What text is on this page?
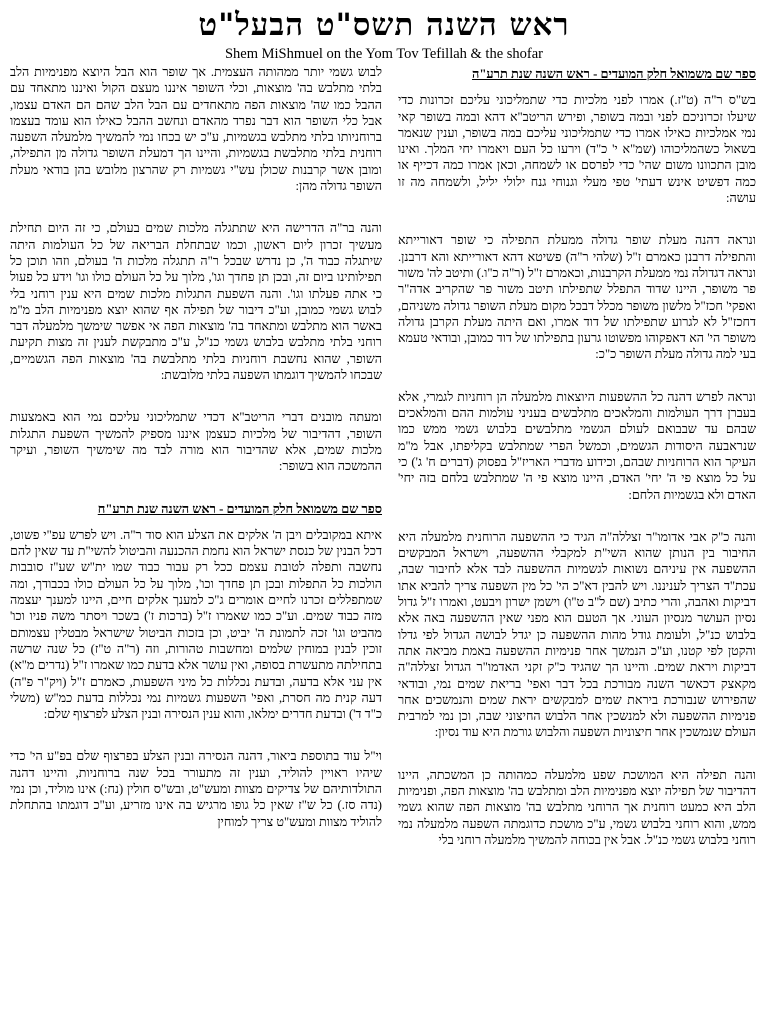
ראש השנה תשס"ט הבעל"ט
Shem MiShmuel on the Yom Tov Tefillah & the shofar
ספר שם משמואל חלק המועדים - ראש השנה שנת תרע"ה
בש"ס ר"ה (ט"ז.) אמרו לפני מלכיות כדי שתמליכוני עליכם זכרונות כדי שיעלו זכרוניכם לפני ובמה בשופר, ופירש הריטב"א דהא ובמה בשופר קאי נמי אמלכיות כאילו אמרו כדי שתמליכוני עליכם במה בשופר, וענין שנאמר בשאול כשהמליכוהו (שמ"א י' כ"ד) וירעו כל העם ויאמרו יחי המלך. ואינו מובן התכוונו משום שהי' כדי לפרסם או לשמחה, וכאן אמרו כמה דכייף או כמה דפשיט אינש דעתי' טפי מעלי וגנוחי גנח ילולי יליל, ולשמחה מה זו עושה:
ונראה דהנה מעלת שופר גדולה ממעלת התפילה כי שופר דאורייתא והתפילה דרבנן כאמרם ז"ל (שלהי ר"ה) פשיטא דהא דאורייתא והא דרבנן. ונראה דגדולה נמי ממעלת הקרבנות, וכאמרם ז"ל (ר"ה כ"ו.) ותיטב לה' משור פר משופר, היינו שדוד התפלל שתפילתו תיטב משור פר שהקריב אדה"ר ואפקי' חכז"ל מלשון משופר מכלל דבכל מקום מעלת השופר גדולה משניהם, דחכז"ל לא לגרוע שתפילתו של דוד אמרו, ואם היתה מעלת הקרבן גדולה משופר הי' הא דאפקוהו מפשוטו גרעון בתפילתו של דוד כמובן, ובודאי טעמא בעי למה גדולה מעלת השופר כ"כ:
ונראה לפרש דהנה כל ההשפעות היוצאות מלמעלה הן רוחניות לגמרי, אלא בעברן דרך העולמות והמלאכים מתלבשים בעניני עולמות ההם והמלאכים שבהם עד שבבואם לעולם הגשמי מתלבשים בלבוש גשמי ממש כמו שנראבעה היסודות הגשמים, וכמשל הפרי שמתלבש בקליפתו, אבל מ"מ העיקר הוא הרוחניות שבהם, וכידוע מדברי האריז"ל בפסוק (דברים ח' ג') כי על כל מוצא פי ה' יחי' האדם, היינו מוצא פי ה' שמתלבש בלחם בזה יחי' האדם ולא בגשמיות הלחם:
והנה כ"ק אבי אדומו"ר זצללה"ה הגיד כי ההשפעה הרוחנית מלמעלה היא החיבור בין הנותן שהוא השי"ת למקבלי ההשפעה, וישראל המבקשים ההשפעה אין עיניהם נשואות לגשמיות ההשפעה לבד אלא לחיבור שבה, עכת"ד הצריך לעניננו. ויש להבין דא"כ הי' כל מין השפעה צריך להביא אתו דביקות ואהבה, והרי כתיב (שם ל"ב ט"ו) וישמן ישרון ויבעט, ואמרו ז"ל גדול נסיון העושר מנסיון העוני. אך הטעם הוא מפני שאין ההשפעה באה אלא בלבוש כנ"ל, ולעומת גודל מהות ההשפעה כן יגדל לבושה הגדול לפי גדלו והקטן לפי קטנו, וע"כ הנמשך אחר פנימיות ההשפעה באמת מביאה אתה דביקות ויראת שמים. והיינו הך שהגיד כ"ק זקני האדמו"ר הגדול זצללה"ה מקאצק דכאשר השנה מבורכת בכל דבר ואפי' בריאת שמים נמי, ובודאי שהפירוש שנבורכת ביראת שמים למבקשים יראת שמים והנמשכים אחר פנימיות ההשפעה ולא למנשכין אחר הלבוש החיצוני שבה, וכן נמי למרבית העולם שנמשכין אחר חיצוניות השפעה והלבוש גורמת היא עוד נסיון:
והנה תפילה היא המושכת שפע מלמעלה כמהותה כן המשכתה, היינו דהדיבור של תפילה יוצא מפנימיות הלב ומתלבש בה' מוצאות הפה, ופנימיות הלב היא כמעט רוחנית אך הרוחני מתלבש בה' מוצאות הפה שהוא גשמי ממש, והוא רוחני בלבוש גשמי, ע"כ מושכת כדוגמתה השפעה מלמעלה נמי רוחני בלבוש גשמי כנ"ל. אבל אין בכוחה להמשיך מלמעלה רוחני בלי
לבוש גשמי יותר ממהותה העצמית. אך שופר הוא הבל היוצא מפנימיות הלב בלתי מתלבש בה' מוצאות, וכלי השופר איננו מעצם הקול ואיננו מתאחד עם ההבל כמו שה' מוצאות הפה מתאחדים עם הבל הלב שהם הם האדם עצמו, אבל כלי השופר הוא דבר נפרד מהאדם ונחשב ההבל כאילו הוא עומד בעצמו ברוחניותו בלתי מתלבש בגשמיות, ע"כ יש בכחו נמי להמשיך מלמעלה השפעה רוחנית בלתי מתלבשת בגשמיות, והיינו הך דמעלת השופר גדולה מן התפילה, ומובן אשר קרבנות שכולן עש"י גשמיות רק שהרצון מלובש בהן בודאי מעלת השופר גדולה מהן:
והנה בר"ה הדרישה היא שתתגלה מלכות שמים בעולם, כי זה היום תחילת מעשיך זכרון ליום ראשון, וכמו שבתחלת הבריאה של כל העולמות היתה שיתגלה כבוד ה', כן נדרש שבכל ר"ה תתגלה מלכות ה' בעולם, וזהו תוכן כל תפילותינו ביום זה, ובכן תן פחדך וגו', מלוך על כל העולם כולו וגו' וידע כל פעול כי אתה פעלתו וגו'. והנה השפעת התגלות מלכות שמים היא ענין רוחני בלי לבוש גשמי כמובן, וע"כ דיבור של תפילה אף שהוא יוצא מפנימיות הלב מ"מ באשר הוא מתלבש ומתאחד בה' מוצאות הפה אי אפשר שימשך מלמעלה דבר רוחני בלתי מתלבש בלבוש גשמי כנ"ל, ע"כ מתבקשת לענין זה מצות תקיעת השופר, שהוא נחשבת רוחניות בלתי מתלבשת בה' מוצאות הפה הגשמיים, שבכחו להמשיך דוגמתו השפעה בלתי מלובשת:
ומעתה מובנים דברי הריטב"א דכדי שתמליכוני עליכם נמי הוא באמצעות השופר, דהדיבור של מלכיות כעצמן איננו מספיק להמשיך השפעת התגלות מלכות שמים, אלא שהדיבור הוא מורה לבד מה שימשיך השופר, ועיקר ההמשכה הוא בשופר:
ספר שם משמואל חלק המועדים - ראש השנה שנת תרע"ח
איתא במקובלים ויבן ה' אלקים את הצלע הוא סוד ר"ה. ויש לפרש עפ"י פשוט, דכל הבנין של כנסת ישראל הוא נחמת ההכנעה והביטול להשי"ת עד שאין להם נחשבה ותפלה לטובת עצמם ככל רק עבור כבוד שמו ית"ש שע"ז סובבות הולכות כל התפלות ובכן תן פחדך וכו', מלוך על כל העולם כולו בכבודך, ומה שמתפללים זכרנו לחיים אומרים ג"כ למענך אלקים חיים, היינו למענך יעצמה מזה כבוד שמים. וע"כ כמו שאמרו ז"ל (ברכות ז') בשכר ויסתר משה פניו וכו' מהביט וגו' זכה לתמונת ה' יביט, וכן בזכות הביטול שישראל מבטלין עצמותם זוכין לבנין במוחין שלמים ומחשבות טהורות, וזה (ר"ה ט"ז) כל שנה שרשה בתחילתה מתעשרת בסופה, ואין עושר אלא בדעת כמו שאמרו ז"ל (נדרים מ"א) אין עני אלא בדעה, ובדעת נכללות כל מיני השפעות, כאמרם ז"ל (ויק"ר פ"ה) דעה קנית מה חסרת, ואפי' השפעות גשמיות נמי נכללות בדעת כמ"ש (משלי כ"ד ד') ובדעת חדרים ימלאו, והוא ענין הנסירה ובנין הצלע לפרצוף שלם:
וי"ל עוד בתוספת ביאור, דהנה הנסירה ובנין הצלע בפרצוף שלם בפ"ע הי' כדי שיהיו ראויין להוליד, וענין זה מתעורר בכל שנה ברוחניות, והיינו דהנה התולדותיהם של צדיקים מצוות ומעש"ט, ובש"ס חולין (נח:) אינו מוליד, וכן נמי (נדה סז.) כל ש"ז שאין כל גופו מרגיש בה אינו מזריע, וע"כ דוגמתו בהתחלת להוליד מצוות ומעש"ט צריך למוחין
